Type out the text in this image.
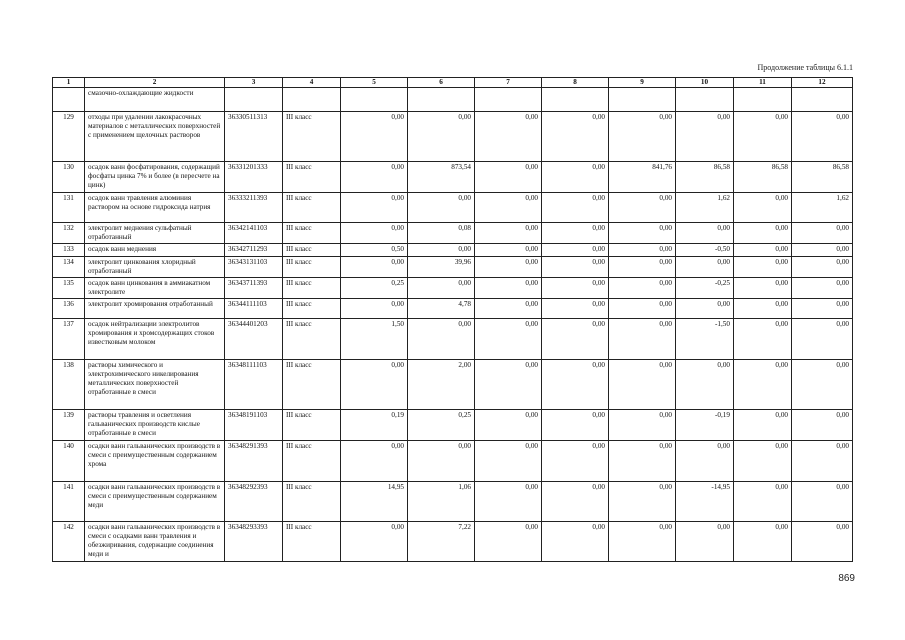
Продолжение таблицы 6.1.1
1	2	3	4	5	6	7	8	9	10	11	12
	смазочно-охлаждающие жидкости										
129	отходы при удалении лакокрасочных материалов с металлических поверхностей с применением щелочных растворов	36330511313	III класс	0,00	0,00	0,00	0,00	0,00	0,00	0,00	0,00
130	осадок ванн фосфатирования, содержащий фосфаты цинка 7% и более (в пересчете на цинк)	36331201333	III класс	0,00	873,54	0,00	0,00	841,76	86,58	86,58	86,58
131	осадок ванн травления алюминия раствором на основе гидроксида натрия	36333211393	III класс	0,00	0,00	0,00	0,00	0,00	1,62	0,00	1,62
132	электролит меднения сульфатный отработанный	36342141103	III класс	0,00	0,08	0,00	0,00	0,00	0,00	0,00	0,00
133	осадок ванн меднения	36342711293	III класс	0,50	0,00	0,00	0,00	0,00	-0,50	0,00	0,00
134	электролит цинкования хлоридный отработанный	36343131103	III класс	0,00	39,96	0,00	0,00	0,00	0,00	0,00	0,00
135	осадок ванн цинкования в аммиакатном электролите	36343711393	III класс	0,25	0,00	0,00	0,00	0,00	-0,25	0,00	0,00
136	электролит хромирования отработанный	36344111103	III класс	0,00	4,78	0,00	0,00	0,00	0,00	0,00	0,00
137	осадок нейтрализации электролитов хромирования и хромсодержащих стоков известковым молоком	36344401203	III класс	1,50	0,00	0,00	0,00	0,00	-1,50	0,00	0,00
138	растворы химического и электрохимического никелирования металлических поверхностей отработанные в смеси	36348111103	III класс	0,00	2,00	0,00	0,00	0,00	0,00	0,00	0,00
139	растворы травления и осветления гальванических производств кислые отработанные в смеси	36348191103	III класс	0,19	0,25	0,00	0,00	0,00	-0,19	0,00	0,00
140	осадки ванн гальванических производств в смеси с преимущественным содержанием хрома	36348291393	III класс	0,00	0,00	0,00	0,00	0,00	0,00	0,00	0,00
141	осадки ванн гальванических производств в смеси с преимущественным содержанием меди	36348292393	III класс	14,95	1,06	0,00	0,00	0,00	-14,95	0,00	0,00
142	осадки ванн гальванических производств в смеси с осадками ванн травления и обезжиривания, содержащие соединения меди и	36348293393	III класс	0,00	7,22	0,00	0,00	0,00	0,00	0,00	0,00
869
